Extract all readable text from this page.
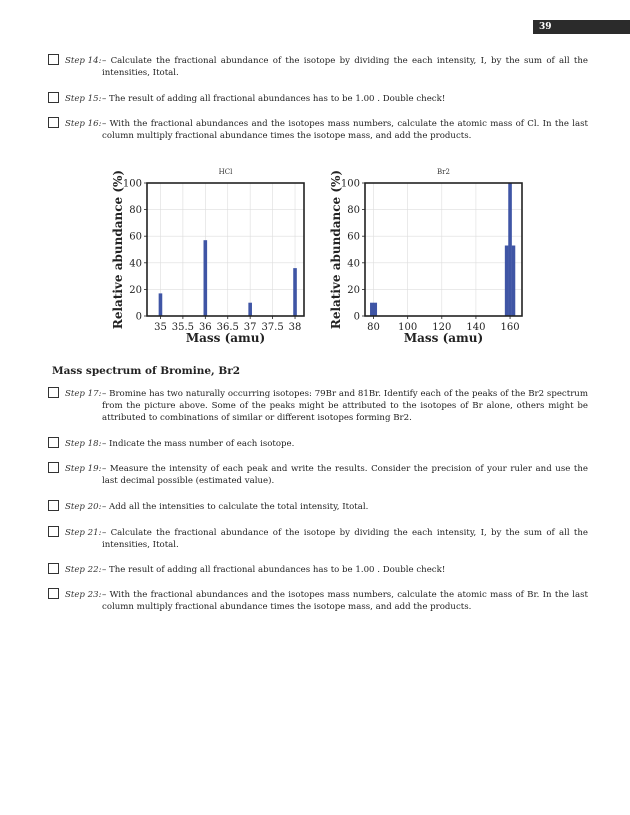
39
Step 14: – Calculate the fractional abundance of the isotope by dividing the each intensity, I, by the sum of all the intensities, Itotal.
Step 15: – The result of adding all fractional abundances has to be 1.00 . Double check!
Step 16: – With the fractional abundances and the isotopes mass numbers, calculate the atomic mass of Cl. In the last column multiply fractional abundance times the isotope mass, and add the products.
HCl
0
20
40
60
80
100
35 35.5 36 36.5 37 37.5 38
Mass (amu)
Relative abundance (%)	Br2
0
20
40
60
80
100
80 100 120 140 160
Mass (amu)
Relative abundance (%)
Mass spectrum of Bromine, Br2
Step 17: – Bromine has two naturally occurring isotopes: 79Br and 81Br. Identify each of the peaks of the Br2 spectrum from the picture above. Some of the peaks might be attributed to the isotopes of Br alone, others might be attributed to combinations of similar or different isotopes forming Br2.
Step 18: – Indicate the mass number of each isotope.
Step 19: – Measure the intensity of each peak and write the results. Consider the precision of your ruler and use the last decimal possible (estimated value).
Step 20: – Add all the intensities to calculate the total intensity, Itotal.
Step 21: – Calculate the fractional abundance of the isotope by dividing the each intensity, I, by the sum of all the intensities, Itotal.
Step 22: – The result of adding all fractional abundances has to be 1.00 . Double check!
Step 23: – With the fractional abundances and the isotopes mass numbers, calculate the atomic mass of Br. In the last column multiply fractional abundance times the isotope mass, and add the products.
